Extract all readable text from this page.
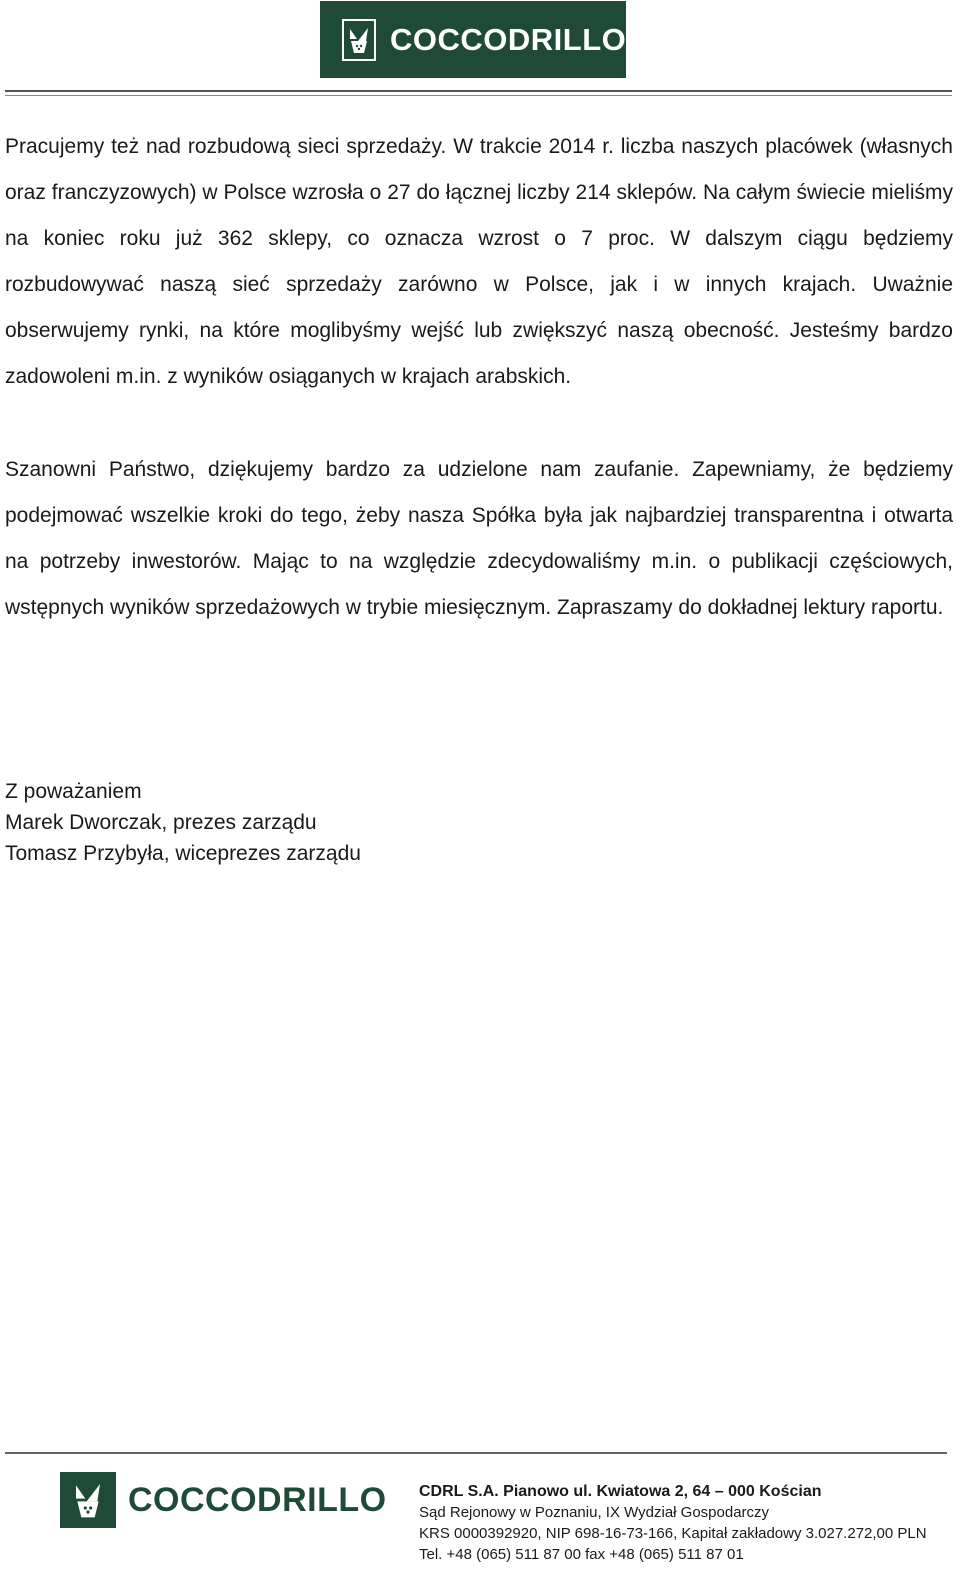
COCCODRILLO•

Pracujemy też nad rozbudową sieci sprzedaży. W trakcie 2014 r. liczba naszych placówek (własnych oraz franczyzowych) w Polsce wzrosła o 27 do łącznej liczby 214 sklepów. Na całym świecie mieliśmy na koniec roku już 362 sklepy, co oznacza wzrost o 7 proc. W dalszym ciągu będziemy rozbudowywać naszą sieć sprzedaży zarówno w Polsce, jak i w innych krajach. Uważnie obserwujemy rynki, na które moglibyśmy wejść lub zwiększyć naszą obecność. Jesteśmy bardzo zadowoleni m.in. z wyników osiąganych w krajach arabskich.

Szanowni Państwo, dziękujemy bardzo za udzielone nam zaufanie. Zapewniamy, że będziemy podejmować wszelkie kroki do tego, żeby nasza Spółka była jak najbardziej transparentna i otwarta na potrzeby inwestorów. Mając to na względzie zdecydowaliśmy m.in. o publikacji częściowych, wstępnych wyników sprzedażowych w trybie miesięcznym. Zapraszamy do dokładnej lektury raportu.

Z poważaniem
Marek Dworczak, prezes zarządu
Tomasz Przybyła, wiceprezes zarządu
COCCODRILLO CDRL S.A. Pianowo ul. Kwiatowa 2, 64 – 000 Kościan
Sąd Rejonowy w Poznaniu, IX Wydział Gospodarczy
KRS 0000392920, NIP 698-16-73-166, Kapitał zakładowy 3.027.272,00 PLN
Tel. +48 (065) 511 87 00 fax +48 (065) 511 87 01
